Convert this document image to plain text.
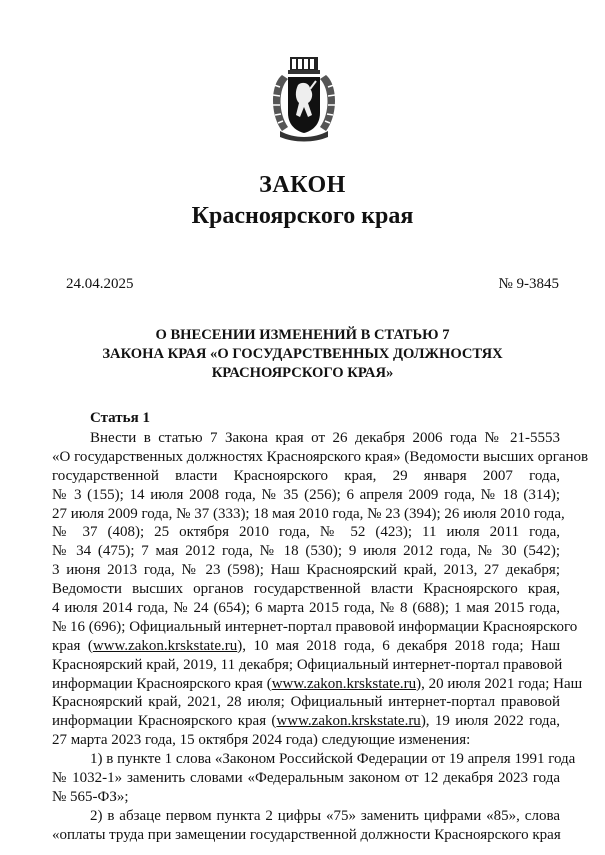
ЗАКОН
Красноярского края
24.04.2025	№ 9-3845
О ВНЕСЕНИИ ИЗМЕНЕНИЙ В СТАТЬЮ 7
ЗАКОНА КРАЯ «О ГОСУДАРСТВЕННЫХ ДОЛЖНОСТЯХ
КРАСНОЯРСКОГО КРАЯ»
Статья 1
Внести в статью 7 Закона края от 26 декабря 2006 года № 21-5553
«О государственных должностях Красноярского края» (Ведомости высших органов
государственной власти Красноярского края, 29 января 2007 года,
№ 3 (155); 14 июля 2008 года, № 35 (256); 6 апреля 2009 года, № 18 (314);
27 июля 2009 года, № 37 (333); 18 мая 2010 года, № 23 (394); 26 июля 2010 года,
№ 37 (408); 25 октября 2010 года, № 52 (423); 11 июля 2011 года,
№ 34 (475); 7 мая 2012 года, № 18 (530); 9 июля 2012 года, № 30 (542);
3 июня 2013 года, № 23 (598); Наш Красноярский край, 2013, 27 декабря;
Ведомости высших органов государственной власти Красноярского края,
4 июля 2014 года, № 24 (654); 6 марта 2015 года, № 8 (688); 1 мая 2015 года,
№ 16 (696); Официальный интернет-портал правовой информации Красноярского
края (www.zakon.krskstate.ru), 10 мая 2018 года, 6 декабря 2018 года; Наш
Красноярский край, 2019, 11 декабря; Официальный интернет-портал правовой
информации Красноярского края (www.zakon.krskstate.ru), 20 июля 2021 года; Наш
Красноярский край, 2021, 28 июля; Официальный интернет-портал правовой
информации Красноярского края (www.zakon.krskstate.ru), 19 июля 2022 года,
27 марта 2023 года, 15 октября 2024 года) следующие изменения:
1) в пункте 1 слова «Законом Российской Федерации от 19 апреля 1991 года
№ 1032-1» заменить словами «Федеральным законом от 12 декабря 2023 года
№ 565-ФЗ»;
2) в абзаце первом пункта 2 цифры «75» заменить цифрами «85», слова
«оплаты труда при замещении государственной должности Красноярского края
